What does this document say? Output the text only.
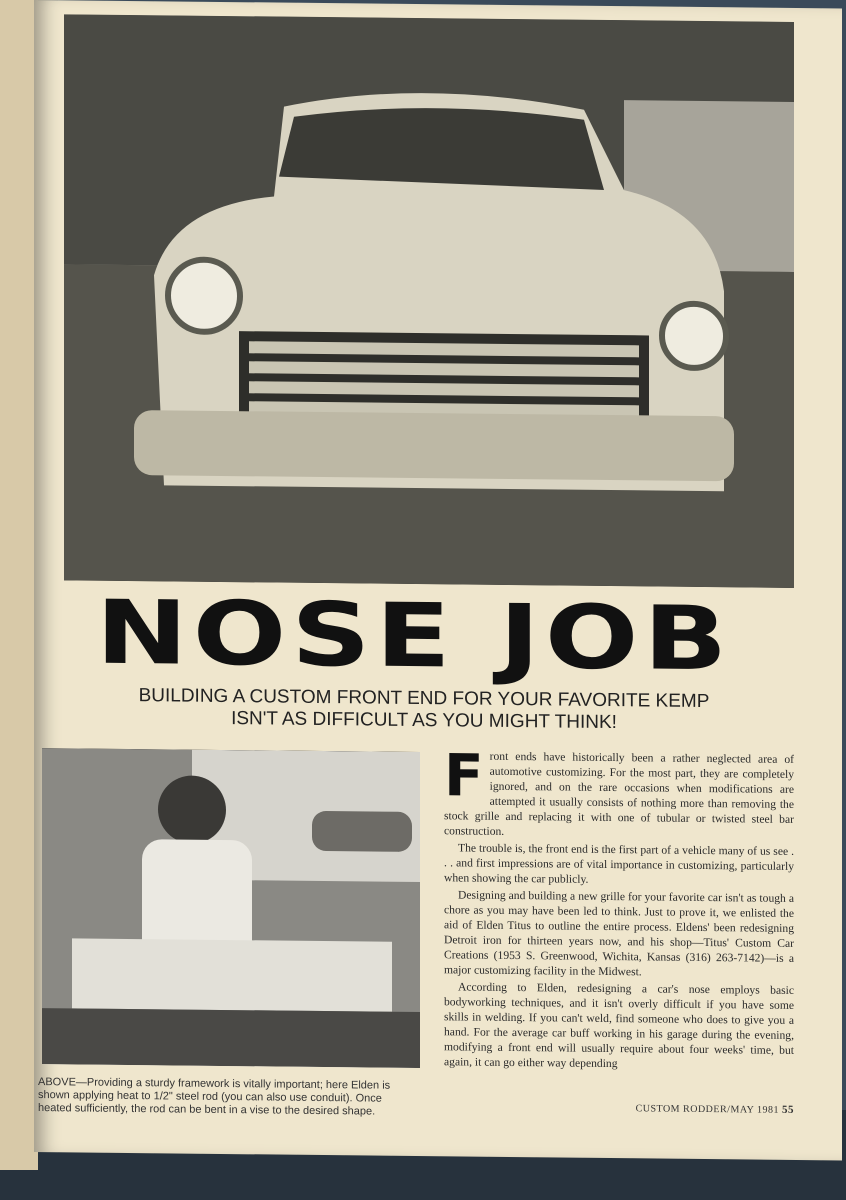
NOSE JOB
BUILDING A CUSTOM FRONT END FOR YOUR FAVORITE KEMP
ISN'T AS DIFFICULT AS YOU MIGHT THINK!

Front ends have historically been a rather neglected area of automotive customizing. For the most part, they are completely ignored, and on the rare occasions when modifications are attempted it usually consists of nothing more than removing the stock grille and replacing it with one of tubular or twisted steel bar construction.

The trouble is, the front end is the first part of a vehicle many of us see . . . and first impressions are of vital importance in customizing, particularly when showing the car publicly.

Designing and building a new grille for your favorite car isn't as tough a chore as you may have been led to think. Just to prove it, we enlisted the aid of Elden Titus to outline the entire process. Eldens' been redesigning Detroit iron for thirteen years now, and his shop—Titus' Custom Car Creations (1953 S. Greenwood, Wichita, Kansas (316) 263-7142)—is a major customizing facility in the Midwest.

According to Elden, redesigning a car's nose employs basic bodyworking techniques, and it isn't overly difficult if you have some skills in welding. If you can't weld, find someone who does to give you a hand. For the average car buff working in his garage during the evening, modifying a front end will usually require about four weeks' time, but again, it can go either way depending

ABOVE—Providing a sturdy framework is vitally important; here Elden is shown applying heat to 1/2" steel rod (you can also use conduit). Once heated sufficiently, the rod can be bent in a vise to the desired shape.	CUSTOM RODDER/MAY 1981 55
